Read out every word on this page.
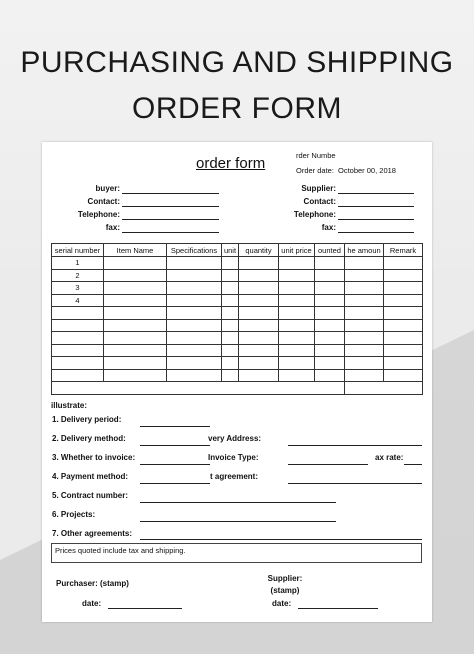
PURCHASING AND SHIPPING
ORDER FORM
order form	rder Numbe
Order date: October 00, 2018
buyer:
Contact:
Telephone:
fax:
Supplier:
Contact:
Telephone:
fax:
serial number	Item Name	Specifications	unit	quantity	unit price	ounted	he amoun	Remark
1								
2								
3								
4								

illustrate:
1. Delivery period:
2. Delivery method:	very Address:
3. Whether to invoice:	Invoice Type:	ax rate:
4. Payment method:	t agreement:
5. Contract number:
6. Projects:
7. Other agreements:
Prices quoted include tax and shipping.
Purchaser: (stamp)
Supplier:
(stamp)
date:	date:
